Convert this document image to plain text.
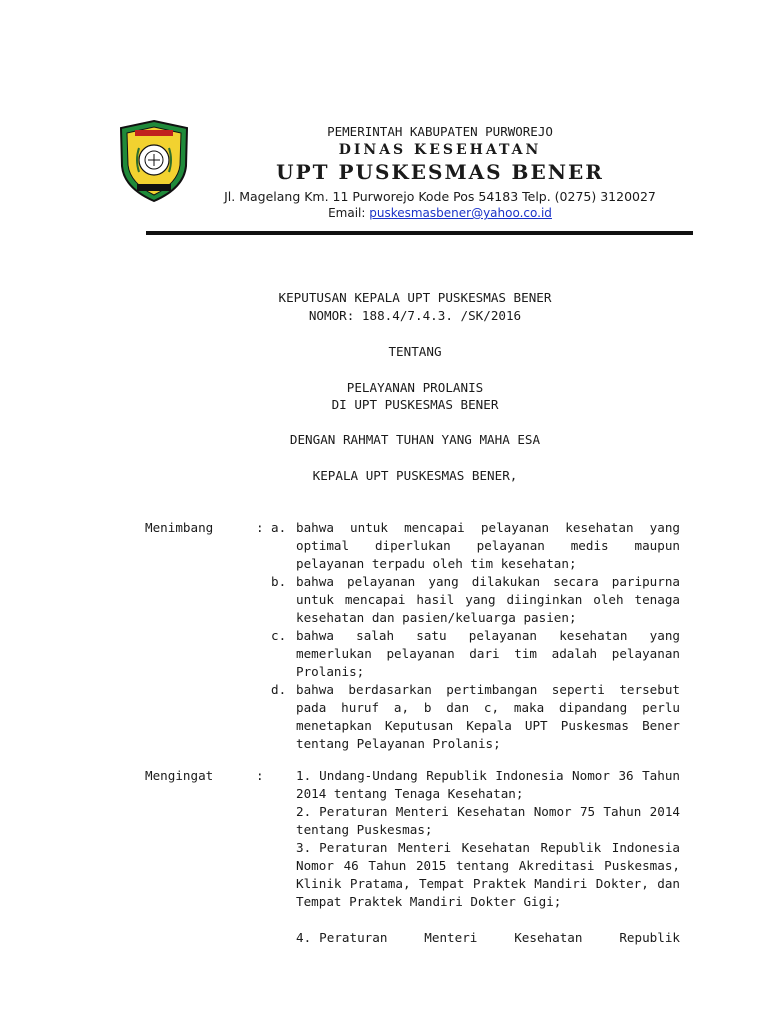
PEMERINTAH KABUPATEN PURWOREJO
DINAS KESEHATAN
UPT PUSKESMAS BENER
Jl. Magelang Km. 11 Purworejo Kode Pos 54183 Telp. (0275) 3120027
Email: puskesmasbener@yahoo.co.id
KEPUTUSAN KEPALA UPT PUSKESMAS BENER
NOMOR: 188.4/7.4.3. /SK/2016
TENTANG
PELAYANAN PROLANIS
DI UPT PUSKESMAS BENER
DENGAN RAHMAT TUHAN YANG MAHA ESA
KEPALA UPT PUSKESMAS BENER,
Menimbang	: a. bahwa untuk mencapai pelayanan kesehatan yang optimal diperlukan pelayanan medis maupun pelayanan terpadu oleh tim kesehatan;
b. bahwa pelayanan yang dilakukan secara paripurna untuk mencapai hasil yang diinginkan oleh tenaga kesehatan dan pasien/keluarga pasien;
c. bahwa salah satu pelayanan kesehatan yang memerlukan pelayanan dari tim adalah pelayanan Prolanis;
d. bahwa berdasarkan pertimbangan seperti tersebut pada huruf a, b dan c, maka dipandang perlu menetapkan Keputusan Kepala UPT Puskesmas Bener tentang Pelayanan Prolanis;
Mengingat	:	1. Undang-Undang Republik Indonesia Nomor 36 Tahun 2014 tentang Tenaga Kesehatan;
2. Peraturan Menteri Kesehatan Nomor 75 Tahun 2014 tentang Puskesmas;
3. Peraturan Menteri Kesehatan Republik Indonesia Nomor 46 Tahun 2015 tentang Akreditasi Puskesmas, Klinik Pratama, Tempat Praktek Mandiri Dokter, dan Tempat Praktek Mandiri Dokter Gigi;
4. Peraturan Menteri Kesehatan Republik
